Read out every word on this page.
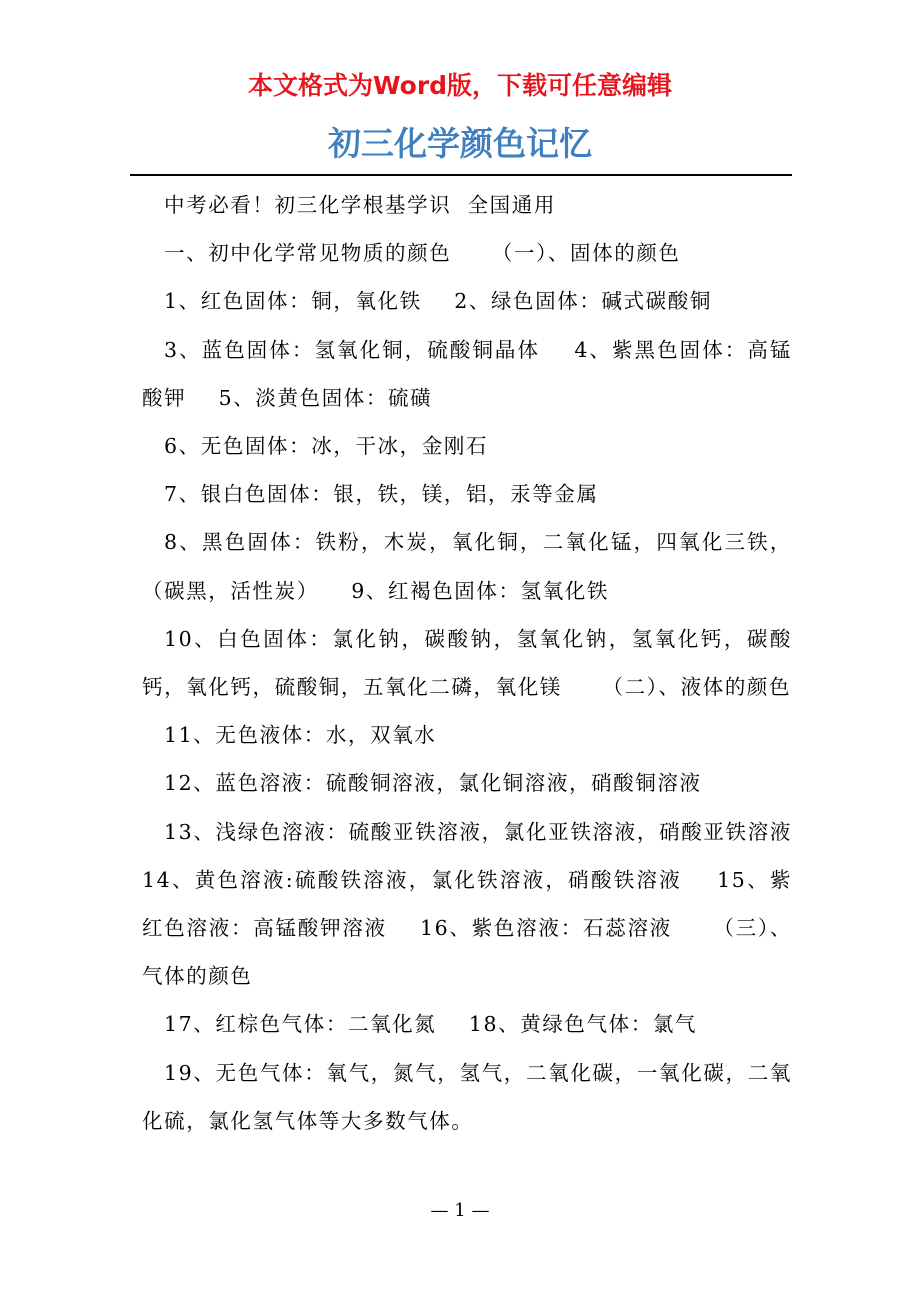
本文格式为Word版，下载可任意编辑
初三化学颜色记忆

中考必看！初三化学根基学识  全国通用

一、初中化学常见物质的颜色     （一）、固体的颜色

1、红色固体：铜，氧化铁    2、绿色固体：碱式碳酸铜

3、蓝色固体：氢氧化铜，硫酸铜晶体    4、紫黑色固体：高锰酸钾    5、淡黄色固体：硫磺

6、无色固体：冰，干冰，金刚石

7、银白色固体：银，铁，镁，铝，汞等金属

8、黑色固体：铁粉，木炭，氧化铜，二氧化锰，四氧化三铁，（碳黑，活性炭）    9、红褐色固体：氢氧化铁

10、白色固体：氯化钠，碳酸钠，氢氧化钠，氢氧化钙，碳酸钙，氧化钙，硫酸铜，五氧化二磷，氧化镁     （二）、液体的颜色

11、无色液体：水，双氧水

12、蓝色溶液：硫酸铜溶液，氯化铜溶液，硝酸铜溶液

13、浅绿色溶液：硫酸亚铁溶液，氯化亚铁溶液，硝酸亚铁溶液    14、黄色溶液:硫酸铁溶液，氯化铁溶液，硝酸铁溶液    15、紫红色溶液：高锰酸钾溶液    16、紫色溶液：石蕊溶液     （三）、气体的颜色

17、红棕色气体：二氧化氮    18、黄绿色气体：氯气

19、无色气体：氧气，氮气，氢气，二氧化碳，一氧化碳，二氧化硫，氯化氢气体等大多数气体。

— 1 —
